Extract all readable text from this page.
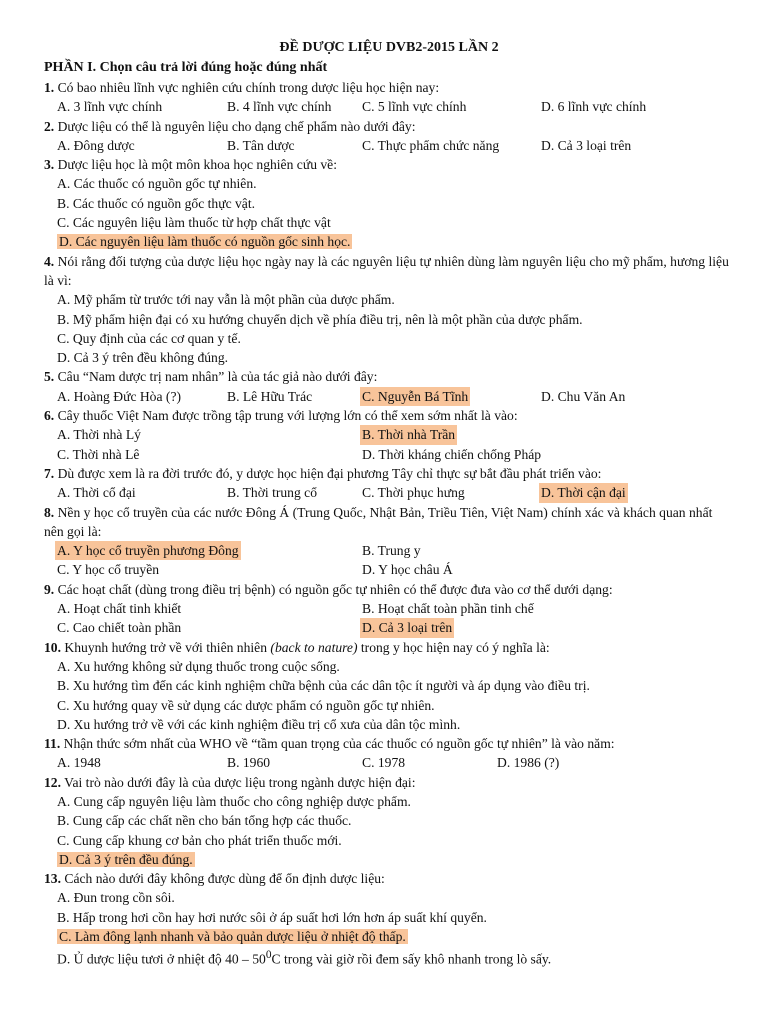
ĐỀ DƯỢC LIỆU DVB2-2015 LẦN 2
PHẦN I. Chọn câu trả lời đúng hoặc đúng nhất
1. Có bao nhiêu lĩnh vực nghiên cứu chính trong dược liệu học hiện nay:
A. 3 lĩnh vực chính	B. 4 lĩnh vực chính C. 5 lĩnh vực chính	D. 6 lĩnh vực chính
2. Dược liệu có thể là nguyên liệu cho dạng chế phẩm nào dưới đây:
A. Đông dược	B. Tân dược	C. Thực phẩm chức năng	D. Cả 3 loại trên
3. Dược liệu học là một môn khoa học nghiên cứu về:
A. Các thuốc có nguồn gốc tự nhiên.
B. Các thuốc có nguồn gốc thực vật.
C. Các nguyên liệu làm thuốc từ hợp chất thực vật
D. Các nguyên liệu làm thuốc có nguồn gốc sinh học.
4. Nói rằng đối tượng của dược liệu học ngày nay là các nguyên liệu tự nhiên dùng làm nguyên liệu cho mỹ phẩm, hương liệu là vì:
A. Mỹ phẩm từ trước tới nay vẫn là một phần của dược phẩm.
B. Mỹ phẩm hiện đại có xu hướng chuyển dịch về phía điều trị, nên là một phần của dược phẩm.
C. Quy định của các cơ quan y tế.
D. Cả 3 ý trên đều không đúng.
5. Câu “Nam dược trị nam nhân” là của tác giả nào dưới đây:
A. Hoàng Đức Hòa (?)	B. Lê Hữu Trác	C. Nguyễn Bá Tĩnh	D. Chu Văn An
6. Cây thuốc Việt Nam được trồng tập trung với lượng lớn có thể xem sớm nhất là vào:
A. Thời nhà Lý	B. Thời nhà Trần
C. Thời nhà Lê	D. Thời kháng chiến chống Pháp
7. Dù được xem là ra đời trước đó, y dược học hiện đại phương Tây chỉ thực sự bắt đầu phát triển vào:
A. Thời cổ đại	B. Thời trung cổ	C. Thời phục hưng	D. Thời cận đại
8. Nền y học cổ truyền của các nước Đông Á (Trung Quốc, Nhật Bản, Triều Tiên, Việt Nam) chính xác và khách quan nhất nên gọi là:
A. Y học cổ truyền phương Đông	B. Trung y
C. Y học cổ truyền	D. Y học châu Á
9. Các hoạt chất (dùng trong điều trị bệnh) có nguồn gốc tự nhiên có thể được đưa vào cơ thể dưới dạng:
A. Hoạt chất tinh khiết	B. Hoạt chất toàn phần tinh chế
C. Cao chiết toàn phần	D. Cả 3 loại trên
10. Khuynh hướng trở về với thiên nhiên (back to nature) trong y học hiện nay có ý nghĩa là:
A. Xu hướng không sử dụng thuốc trong cuộc sống.
B. Xu hướng tìm đến các kinh nghiệm chữa bệnh của các dân tộc ít người và áp dụng vào điều trị.
C. Xu hướng quay về sử dụng các dược phẩm có nguồn gốc tự nhiên.
D. Xu hướng trở về với các kinh nghiệm điều trị cổ xưa của dân tộc mình.
11. Nhận thức sớm nhất của WHO về “tầm quan trọng của các thuốc có nguồn gốc tự nhiên” là vào năm:
A. 1948	B. 1960	C. 1978	D. 1986 (?)
12. Vai trò nào dưới đây là của dược liệu trong ngành dược hiện đại:
A. Cung cấp nguyên liệu làm thuốc cho công nghiệp dược phẩm.
B. Cung cấp các chất nền cho bán tổng hợp các thuốc.
C. Cung cấp khung cơ bản cho phát triển thuốc mới.
D. Cả 3 ý trên đều đúng.
13. Cách nào dưới đây không được dùng để ổn định dược liệu:
A. Đun trong cồn sôi.
B. Hấp trong hơi cồn hay hơi nước sôi ở áp suất hơi lớn hơn áp suất khí quyển.
C. Làm đông lạnh nhanh và bảo quản dược liệu ở nhiệt độ thấp.
D. Ủ dược liệu tươi ở nhiệt độ $40 - 50^0C$ trong vài giờ rồi đem sấy khô nhanh trong lò sấy.
